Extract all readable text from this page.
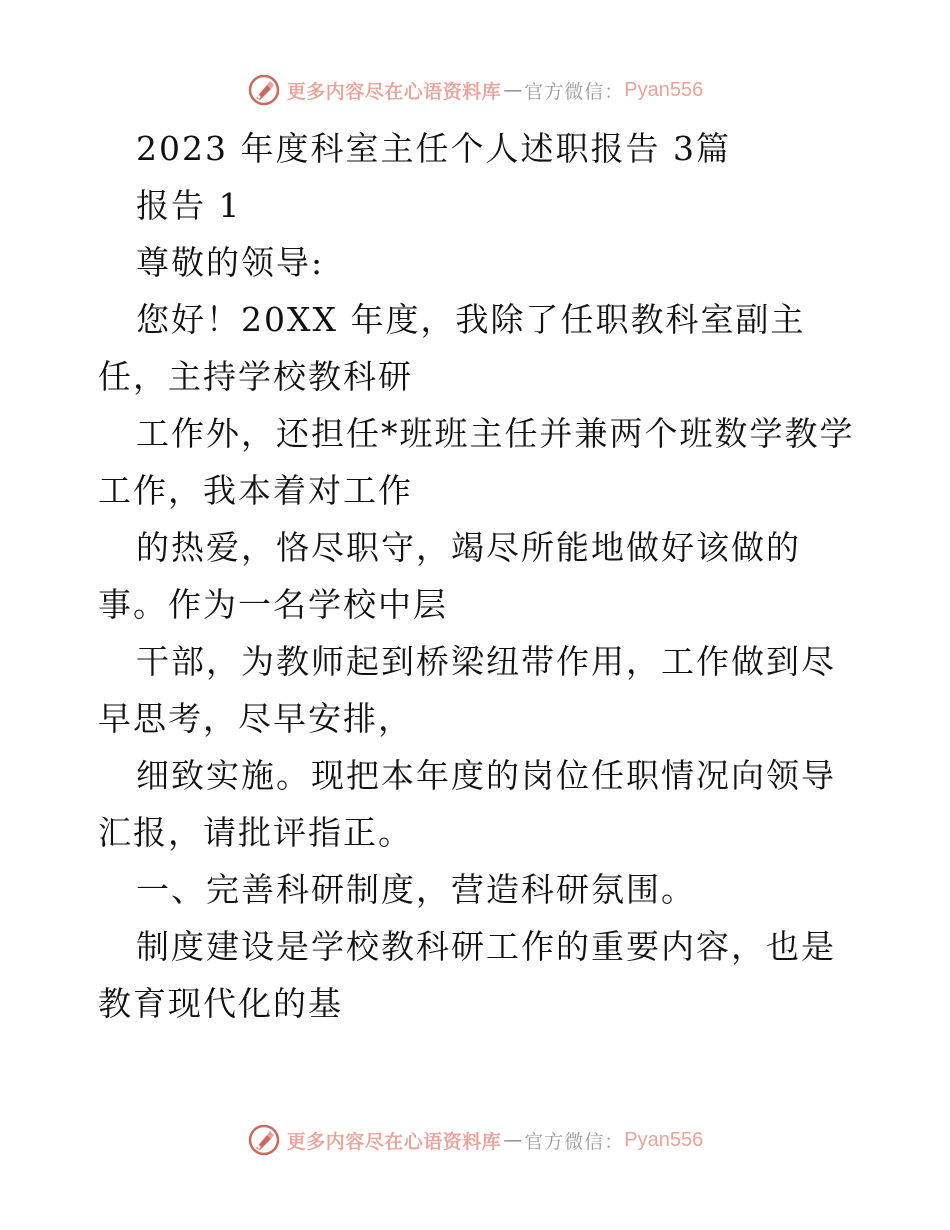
更多内容尽在心语资料库 — 官方微信： Pyan556

2023 年度科室主任个人述职报告 3篇

报告 1

尊敬的领导:

您好！20XX 年度，我除了任职教科室副主任，主持学校教科研

工作外，还担任*班班主任并兼两个班数学教学工作，我本着对工作

的热爱，恪尽职守，竭尽所能地做好该做的事。作为一名学校中层

干部，为教师起到桥梁纽带作用，工作做到尽早思考，尽早安排，

细致实施。现把本年度的岗位任职情况向领导汇报，请批评指正。

一、完善科研制度，营造科研氛围。

制度建设是学校教科研工作的重要内容，也是教育现代化的基

更多内容尽在心语资料库 — 官方微信： Pyan556
